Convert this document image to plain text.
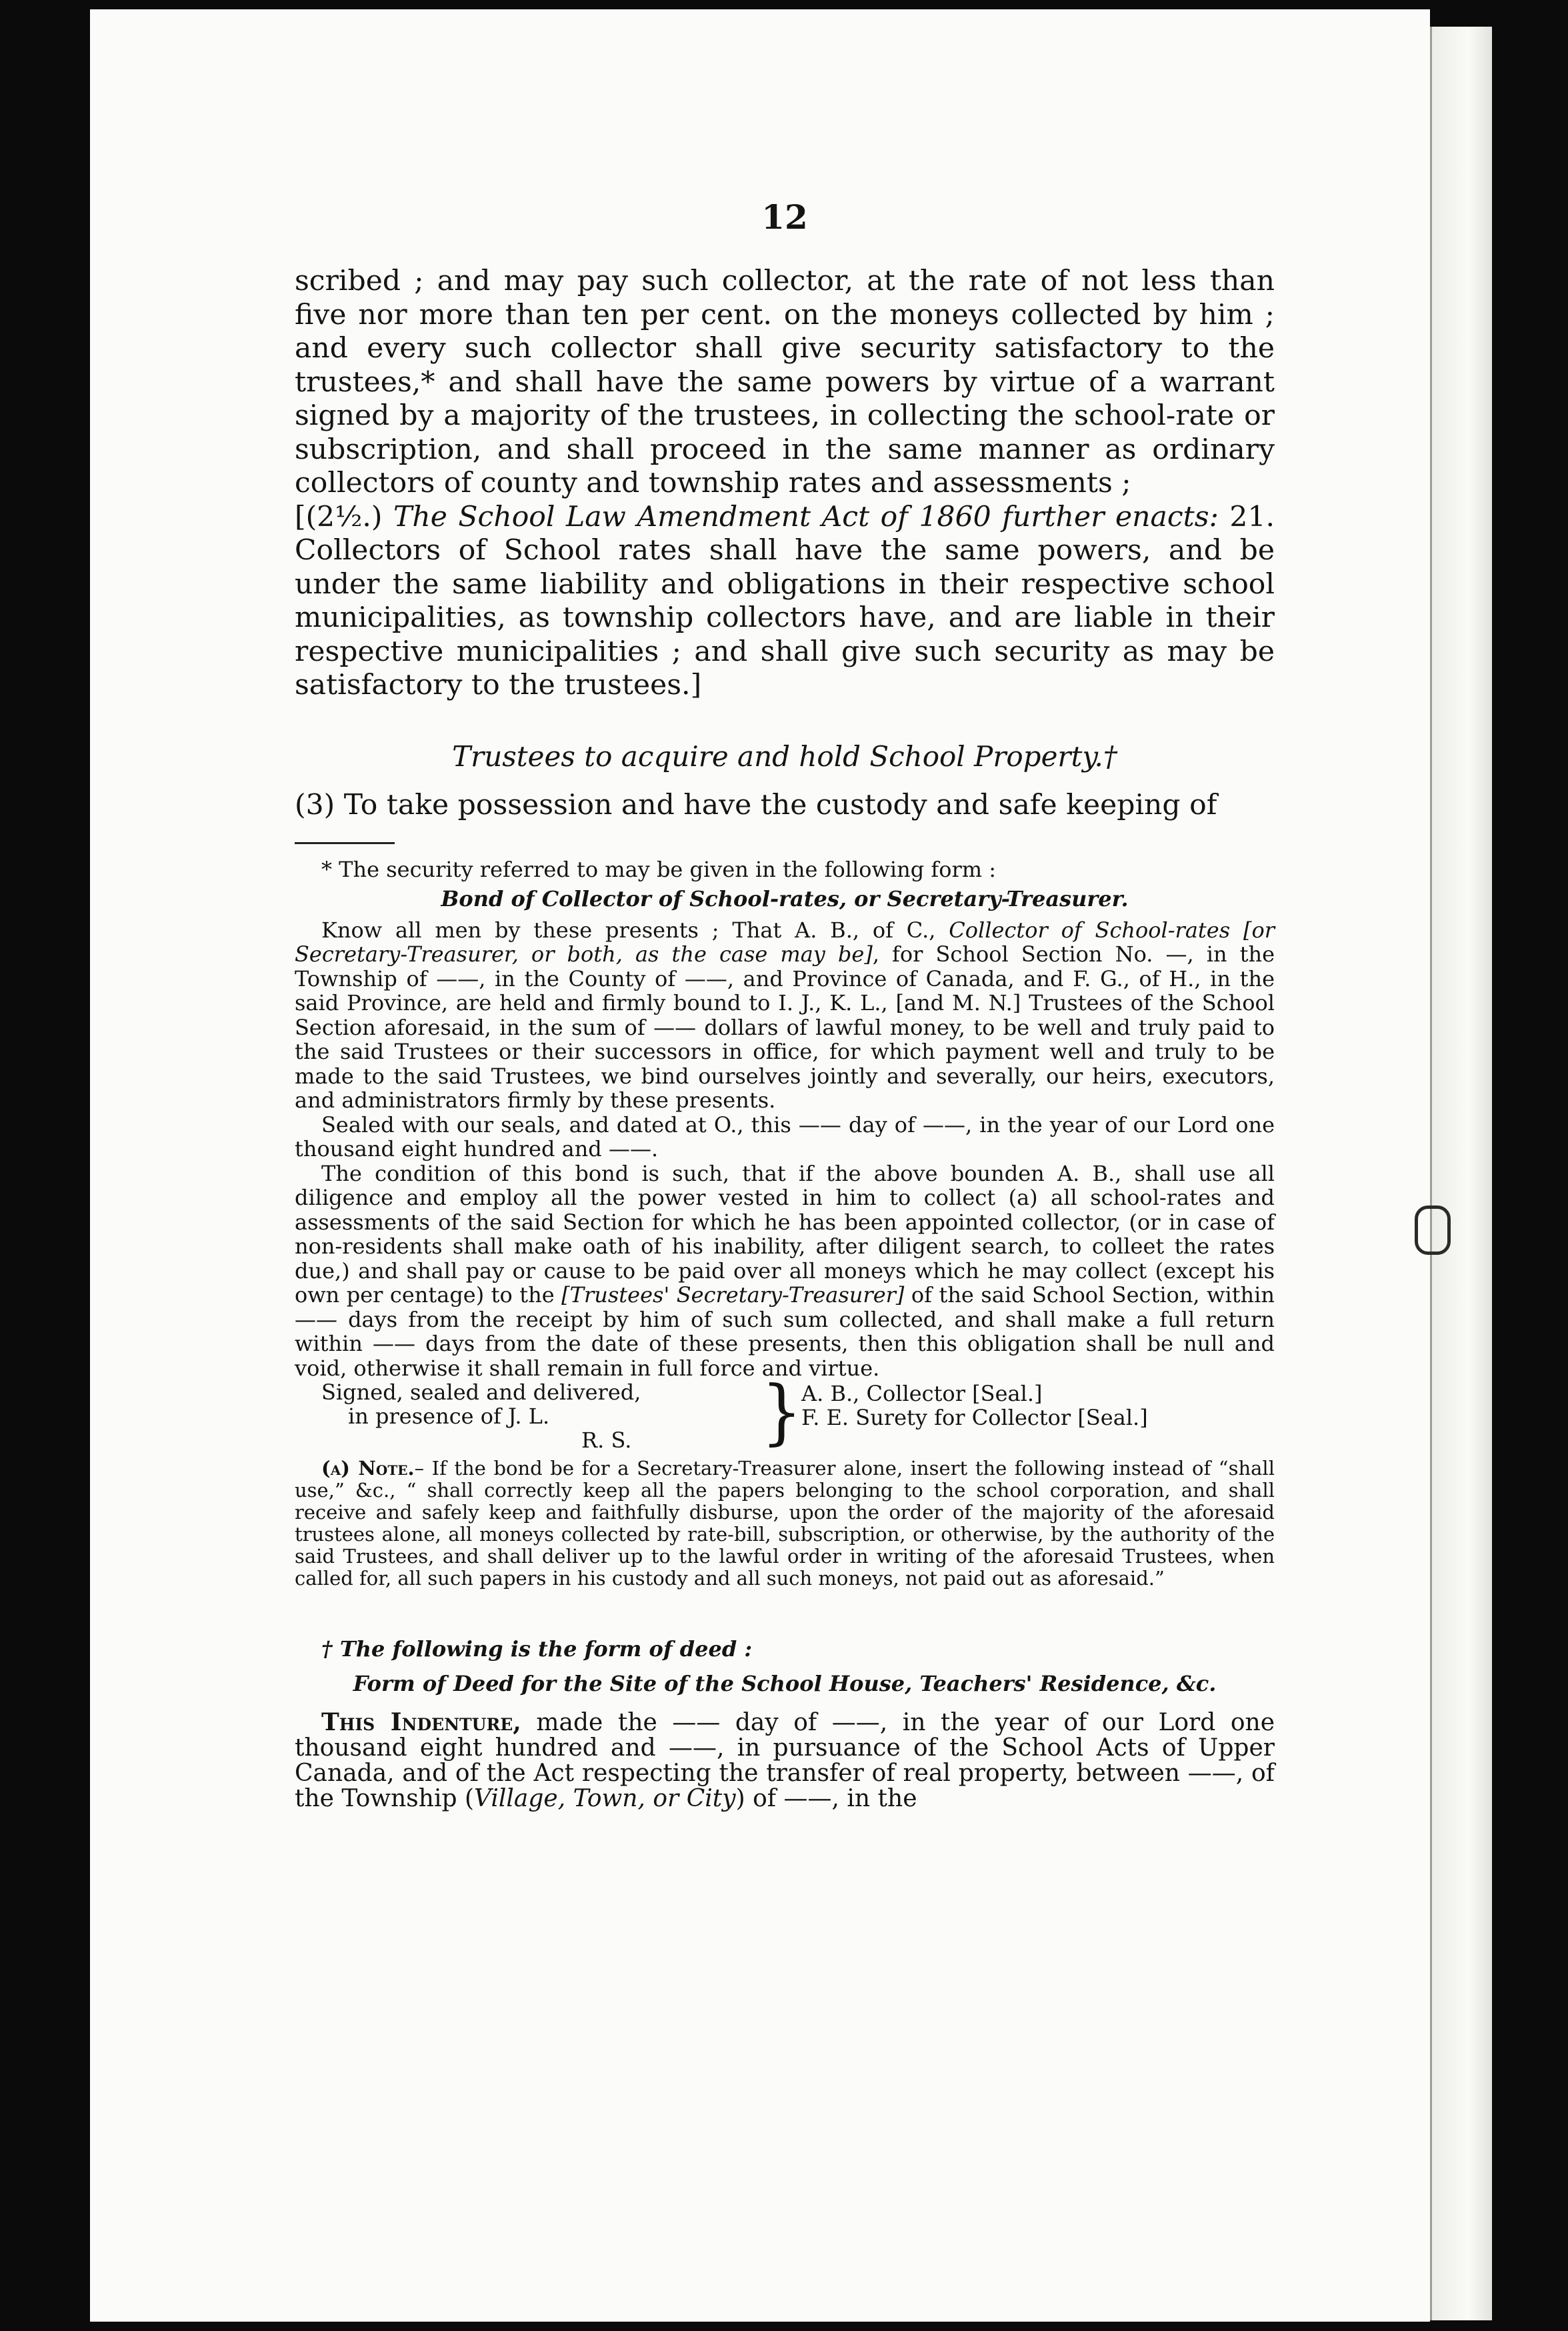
12

scribed ; and may pay such collector, at the rate of not less than five nor more than ten per cent. on the moneys collected by him ; and every such collector shall give security satisfactory to the trustees,* and shall have the same powers by virtue of a warrant signed by a majority of the trustees, in collecting the school-rate or subscription, and shall proceed in the same manner as ordinary collectors of county and township rates and assessments ;

[(2½.) The School Law Amendment Act of 1860 further enacts: 21. Collectors of School rates shall have the same powers, and be under the same liability and obligations in their respective school municipalities, as township collectors have, and are liable in their respective municipalities ; and shall give such security as may be satisfactory to the trustees.]

Trustees to acquire and hold School Property.†

(3) To take possession and have the custody and safe keeping of

* The security referred to may be given in the following form :

Bond of Collector of School-rates, or Secretary-Treasurer.

Know all men by these presents ; That A. B., of C., Collector of School-rates [or Secretary-Treasurer, or both, as the case may be], for School Section No. —, in the Township of ——, in the County of ——, and Province of Canada, and F. G., of H., in the said Province, are held and firmly bound to I. J., K. L., [and M. N.] Trustees of the School Section aforesaid, in the sum of —— dollars of lawful money, to be well and truly paid to the said Trustees or their successors in office, for which payment well and truly to be made to the said Trustees, we bind ourselves jointly and severally, our heirs, executors, and administrators firmly by these presents.

Sealed with our seals, and dated at O., this —— day of ——, in the year of our Lord one thousand eight hundred and ——.

The condition of this bond is such, that if the above bounden A. B., shall use all diligence and employ all the power vested in him to collect (a) all school-rates and assessments of the said Section for which he has been appointed collector, (or in case of non-residents shall make oath of his inability, after diligent search, to colleet the rates due,) and shall pay or cause to be paid over all moneys which he may collect (except his own per centage) to the [Trustees' Secretary-Treasurer] of the said School Section, within —— days from the receipt by him of such sum collected, and shall make a full return within —— days from the date of these presents, then this obligation shall be null and void, otherwise it shall remain in full force and virtue.

Signed, sealed and delivered,
in presence of J. L.
R. S.	}
A. B., Collector [Seal.]
F. E. Surety for Collector [Seal.]

(a) Note.– If the bond be for a Secretary-Treasurer alone, insert the following instead of “shall use,” &c., “ shall correctly keep all the papers belonging to the school corporation, and shall receive and safely keep and faithfully disburse, upon the order of the majority of the aforesaid trustees alone, all moneys collected by rate-bill, subscription, or otherwise, by the authority of the said Trustees, and shall deliver up to the lawful order in writing of the aforesaid Trustees, when called for, all such papers in his custody and all such moneys, not paid out as aforesaid.”

† The following is the form of deed :
Form of Deed for the Site of the School House, Teachers' Residence, &c.

This Indenture, made the —— day of ——, in the year of our Lord one thousand eight hundred and ——, in pursuance of the School Acts of Upper Canada, and of the Act respecting the transfer of real property, between ——, of the Township (Village, Town, or City) of ——, in the
